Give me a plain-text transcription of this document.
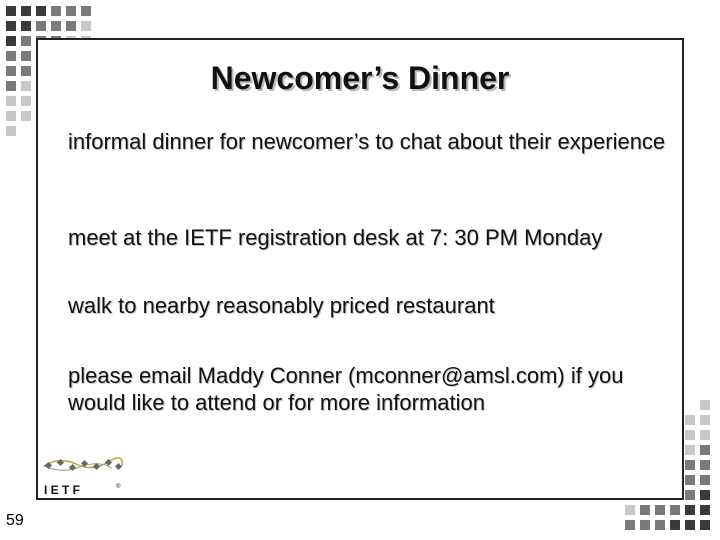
Newcomer’s Dinner

informal dinner for newcomer’s to chat about their experience

meet at the IETF registration desk at 7: 30 PM Monday

walk to nearby reasonably priced restaurant

please email Maddy Conner (mconner@amsl.com) if you would like to attend or for more information

I E T F	®
59
